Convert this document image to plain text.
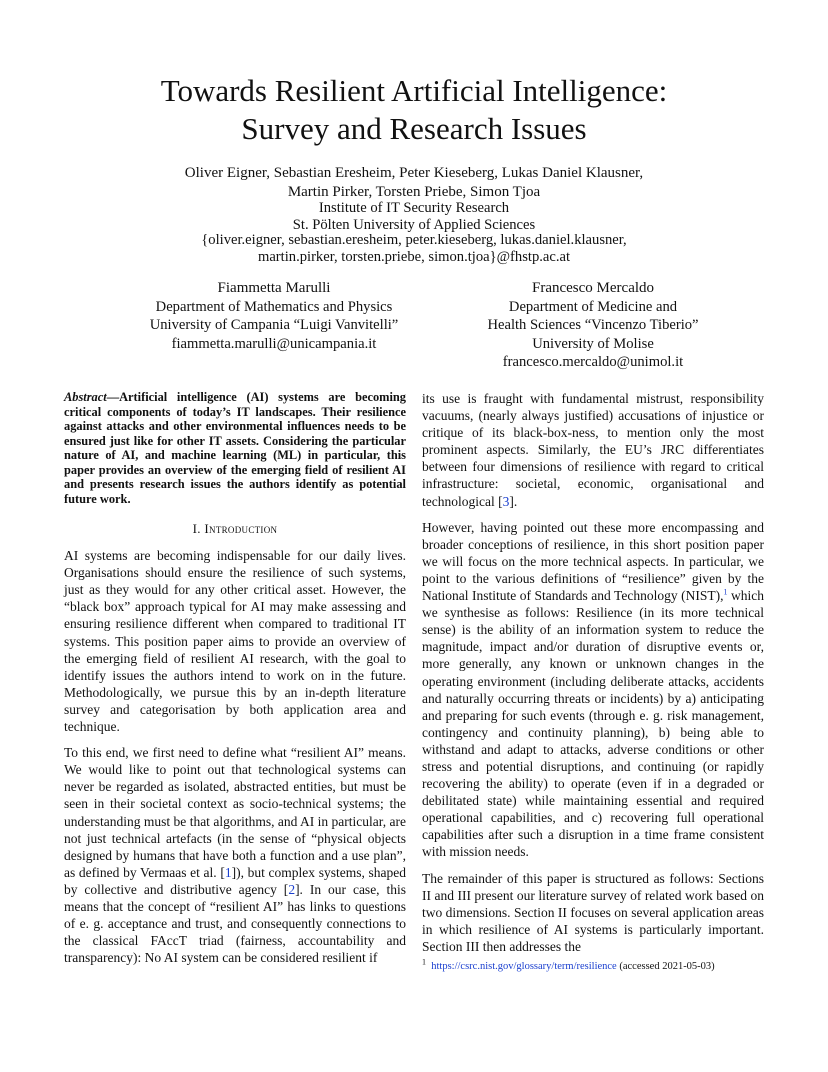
Towards Resilient Artificial Intelligence:
Survey and Research Issues
Oliver Eigner, Sebastian Eresheim, Peter Kieseberg, Lukas Daniel Klausner,
Martin Pirker, Torsten Priebe, Simon Tjoa
Institute of IT Security Research
St. Pölten University of Applied Sciences
{oliver.eigner, sebastian.eresheim, peter.kieseberg, lukas.daniel.klausner,
martin.pirker, torsten.priebe, simon.tjoa}@fhstp.ac.at
Fiammetta Marulli
Department of Mathematics and Physics
University of Campania “Luigi Vanvitelli”
fiammetta.marulli@unicampania.it
Francesco Mercaldo
Department of Medicine and
Health Sciences “Vincenzo Tiberio”
University of Molise
francesco.mercaldo@unimol.it

Abstract—Artificial intelligence (AI) systems are becoming critical components of today’s IT landscapes. Their resilience against attacks and other environmental influences needs to be ensured just like for other IT assets. Considering the particular nature of AI, and machine learning (ML) in particular, this paper provides an overview of the emerging field of resilient AI and presents research issues the authors identify as potential future work.

I. Introduction

AI systems are becoming indispensable for our daily lives. Organisations should ensure the resilience of such systems, just as they would for any other critical asset. However, the “black box” approach typical for AI may make assessing and ensuring resilience different when compared to traditional IT systems. This position paper aims to provide an overview of the emerging field of resilient AI research, with the goal to identify issues the authors intend to work on in the future. Methodologically, we pursue this by an in-depth literature survey and categorisation by both application area and technique.

To this end, we first need to define what “resilient AI” means. We would like to point out that technological systems can never be regarded as isolated, abstracted entities, but must be seen in their societal context as socio-technical systems; the understanding must be that algorithms, and AI in particular, are not just technical artefacts (in the sense of “physical objects designed by humans that have both a function and a use plan”, as defined by Vermaas et al. [1]), but complex systems, shaped by collective and distributive agency [2]. In our case, this means that the concept of “resilient AI” has links to questions of e. g. acceptance and trust, and consequently connections to the classical FAccT triad (fairness, accountability and transparency): No AI system can be considered resilient if

its use is fraught with fundamental mistrust, responsibility vacuums, (nearly always justified) accusations of injustice or critique of its black-box-ness, to mention only the most prominent aspects. Similarly, the EU’s JRC differentiates between four dimensions of resilience with regard to critical infrastructure: societal, economic, organisational and technological [3].

However, having pointed out these more encompassing and broader conceptions of resilience, in this short position paper we will focus on the more technical aspects. In particular, we point to the various definitions of “resilience” given by the National Institute of Standards and Technology (NIST),$^1$ which we synthesise as follows: Resilience (in its more technical sense) is the ability of an information system to reduce the magnitude, impact and/or duration of disruptive events or, more generally, any known or unknown changes in the operating environment (including deliberate attacks, accidents and naturally occurring threats or incidents) by a) anticipating and preparing for such events (through e. g. risk management, contingency and continuity planning), b) being able to withstand and adapt to attacks, adverse conditions or other stress and potential disruptions, and continuing (or rapidly recovering the ability) to operate (even if in a degraded or debilitated state) while maintaining essential and required operational capabilities, and c) recovering full operational capabilities after such a disruption in a time frame consistent with mission needs.

The remainder of this paper is structured as follows: Sections II and III present our literature survey of related work based on two dimensions. Section II focuses on several application areas in which resilience of AI systems is particularly important. Section III then addresses the

$^1$ https://csrc.nist.gov/glossary/term/resilience (accessed 2021-05-03)
